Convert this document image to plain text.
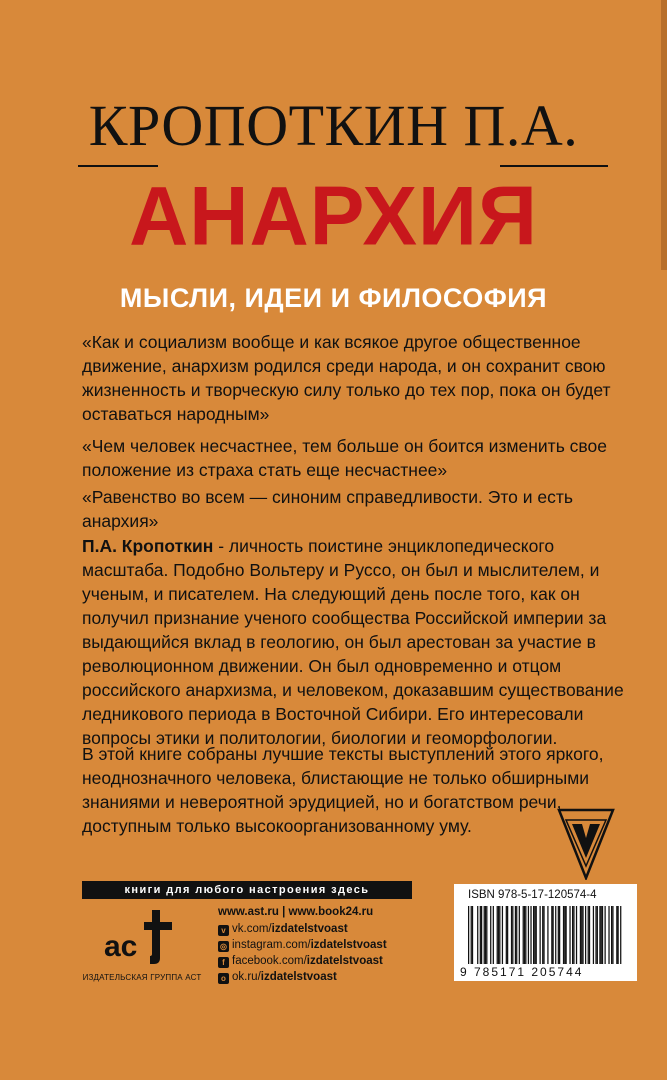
КРОПОТКИН П.А.
АНАРХИЯ
МЫСЛИ, ИДЕИ И ФИЛОСОФИЯ
«Как и социализм вообще и как всякое другое общественное движение, анархизм родился среди народа, и он сохранит свою жизненность и творческую силу только до тех пор, пока он будет оставаться народным»
«Чем человек несчастнее, тем больше он боится изменить свое положение из страха стать еще несчастнее»
«Равенство во всем — синоним справедливости. Это и есть анархия»
П.А. Кропоткин - личность поистине энциклопедического масштаба. Подобно Вольтеру и Руссо, он был и мыслителем, и ученым, и писателем. На следующий день после того, как он получил признание ученого сообщества Российской империи за выдающийся вклад в геологию, он был арестован за участие в революционном движении. Он был одновременно и отцом российского анархизма, и человеком, доказавшим существование ледникового периода в Восточной Сибири. Его интересовали вопросы этики и политологии, биологии и геоморфологии.
В этой книге собраны лучшие тексты выступлений этого яркого, неоднозначного человека, блистающие не только обширными знаниями и невероятной эрудицией, но и богатством речи, доступным только высокоорганизованному уму.
книги для любого настроения здесь
ac
ИЗДАТЕЛЬСКАЯ ГРУППА АСТ
www.ast.ru | www.book24.ru
v vk.com/izdatelstvoast
◎ instagram.com/izdatelstvoast
f facebook.com/izdatelstvoast
o ok.ru/izdatelstvoast
ISBN 978-5-17-120574-4
9 785171 205744
